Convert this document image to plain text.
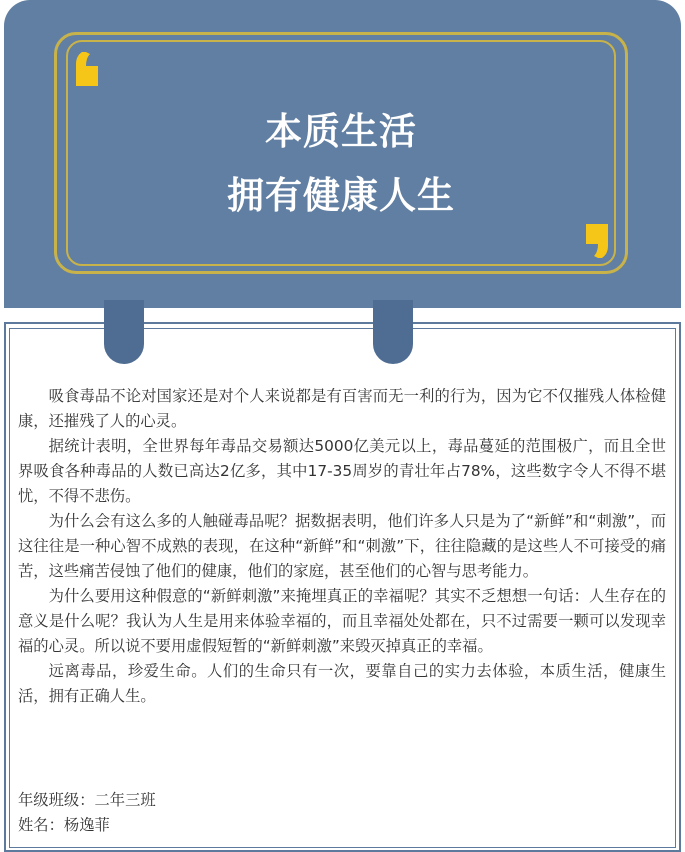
本质生活
拥有健康人生

吸食毒品不论对国家还是对个人来说都是有百害而无一利的行为，因为它不仅摧残人体检健康，还摧残了人的心灵。

据统计表明，全世界每年毒品交易额达5000亿美元以上，毒品蔓延的范围极广，而且全世界吸食各种毒品的人数已高达2亿多，其中17-35周岁的青壮年占78%，这些数字令人不得不堪忧，不得不悲伤。

为什么会有这么多的人触碰毒品呢？据数据表明，他们许多人只是为了“新鲜”和“刺激”，而这往往是一种心智不成熟的表现，在这种“新鲜”和“刺激”下，往往隐藏的是这些人不可接受的痛苦，这些痛苦侵蚀了他们的健康，他们的家庭，甚至他们的心智与思考能力。

为什么要用这种假意的“新鲜刺激”来掩埋真正的幸福呢？其实不乏想想一句话：人生存在的意义是什么呢？我认为人生是用来体验幸福的，而且幸福处处都在，只不过需要一颗可以发现幸福的心灵。所以说不要用虚假短暂的“新鲜刺激”来毁灭掉真正的幸福。

远离毒品，珍爱生命。人们的生命只有一次，要靠自己的实力去体验，本质生活，健康生活，拥有正确人生。

年级班级：二年三班
姓名：杨逸菲
